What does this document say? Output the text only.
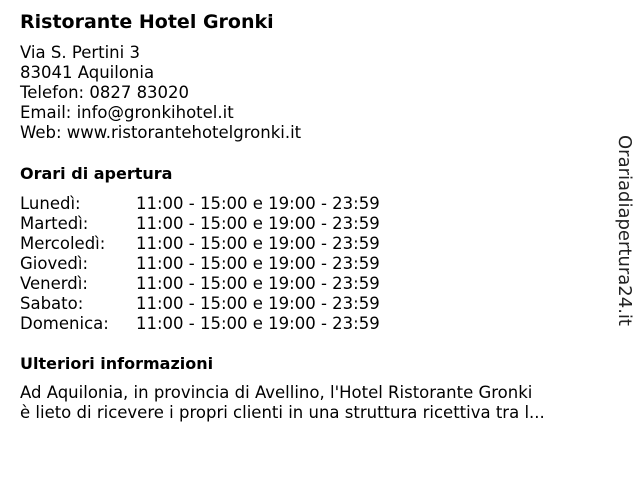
Ristorante Hotel Gronki
Via S. Pertini 3
83041 Aquilonia
Telefon: 0827 83020
Email: info@gronkihotel.it
Web: www.ristorantehotelgronki.it
Orari di apertura
Lunedì:	11:00 - 15:00 e 19:00 - 23:59
Martedì:	11:00 - 15:00 e 19:00 - 23:59
Mercoledì: 11:00 - 15:00 e 19:00 - 23:59
Giovedì:	11:00 - 15:00 e 19:00 - 23:59
Venerdì:	11:00 - 15:00 e 19:00 - 23:59
Sabato:	11:00 - 15:00 e 19:00 - 23:59
Domenica: 11:00 - 15:00 e 19:00 - 23:59
Ulteriori informazioni
Ad Aquilonia, in provincia di Avellino, l'Hotel Ristorante Gronki
è lieto di ricevere i propri clienti in una struttura ricettiva tra l...
Orariadiapertura24.it
